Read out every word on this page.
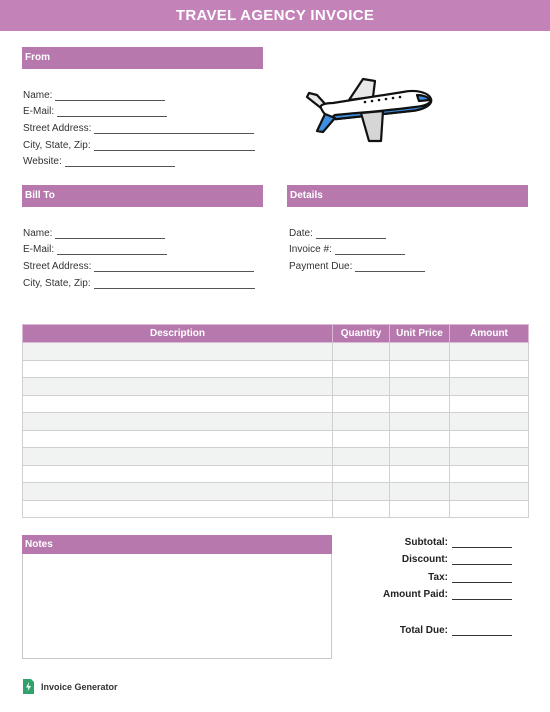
TRAVEL AGENCY INVOICE
From
Name:
E-Mail:
Street Address:
City, State, Zip:
Website:
Bill To
Name:
E-Mail:
Street Address:
City, State, Zip:
Details
Date:
Invoice #:
Payment Due:
Description	Quantity	Unit Price	Amount

Notes	Subtotal:
Discount:
Tax:
Amount Paid:
Total Due:
Invoice Generator
